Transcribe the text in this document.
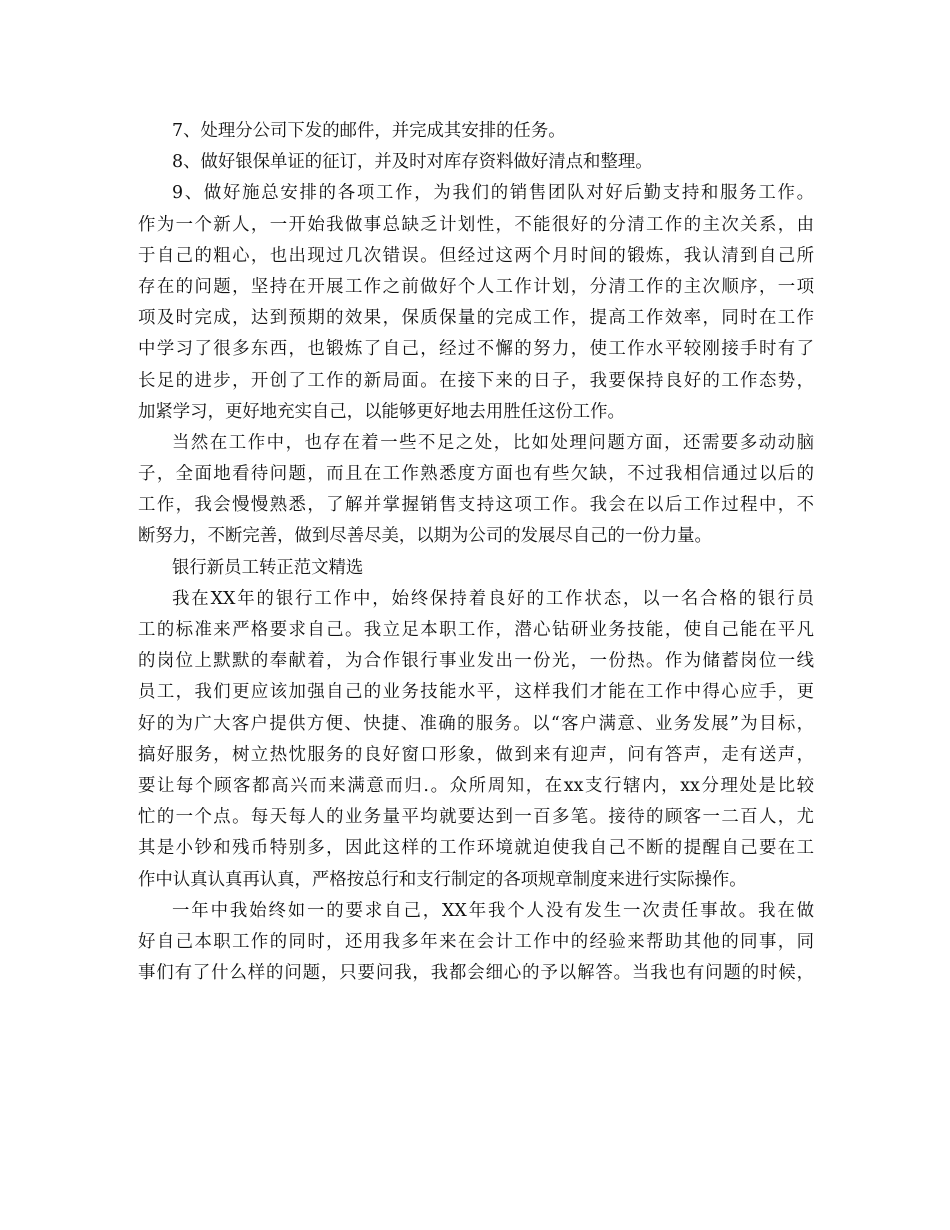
7、处理分公司下发的邮件，并完成其安排的任务。
8、做好银保单证的征订，并及时对库存资料做好清点和整理。
9、做好施总安排的各项工作，为我们的销售团队对好后勤支持和服务工作。
作为一个新人，一开始我做事总缺乏计划性，不能很好的分清工作的主次关系，由
于自己的粗心，也出现过几次错误。但经过这两个月时间的锻炼，我认清到自己所
存在的问题，坚持在开展工作之前做好个人工作计划，分清工作的主次顺序，一项
项及时完成，达到预期的效果，保质保量的完成工作，提高工作效率，同时在工作
中学习了很多东西，也锻炼了自己，经过不懈的努力，使工作水平较刚接手时有了
长足的进步，开创了工作的新局面。在接下来的日子，我要保持良好的工作态势，
加紧学习，更好地充实自己，以能够更好地去用胜任这份工作。
当然在工作中，也存在着一些不足之处，比如处理问题方面，还需要多动动脑
子，全面地看待问题，而且在工作熟悉度方面也有些欠缺，不过我相信通过以后的
工作，我会慢慢熟悉，了解并掌握销售支持这项工作。我会在以后工作过程中，不
断努力，不断完善，做到尽善尽美，以期为公司的发展尽自己的一份力量。
银行新员工转正范文精选
我在XX年的银行工作中，始终保持着良好的工作状态，以一名合格的银行员
工的标准来严格要求自己。我立足本职工作，潜心钻研业务技能，使自己能在平凡
的岗位上默默的奉献着，为合作银行事业发出一份光，一份热。作为储蓄岗位一线
员工，我们更应该加强自己的业务技能水平，这样我们才能在工作中得心应手，更
好的为广大客户提供方便、快捷、准确的服务。以“客户满意、业务发展”为目标，
搞好服务，树立热忱服务的良好窗口形象，做到来有迎声，问有答声，走有送声，
要让每个顾客都高兴而来满意而归.。众所周知，在xx支行辖内，xx分理处是比较
忙的一个点。每天每人的业务量平均就要达到一百多笔。接待的顾客一二百人，尤
其是小钞和残币特别多，因此这样的工作环境就迫使我自己不断的提醒自己要在工
作中认真认真再认真，严格按总行和支行制定的各项规章制度来进行实际操作。
一年中我始终如一的要求自己，XX年我个人没有发生一次责任事故。我在做
好自己本职工作的同时，还用我多年来在会计工作中的经验来帮助其他的同事，同
事们有了什么样的问题，只要问我，我都会细心的予以解答。当我也有问题的时候，
